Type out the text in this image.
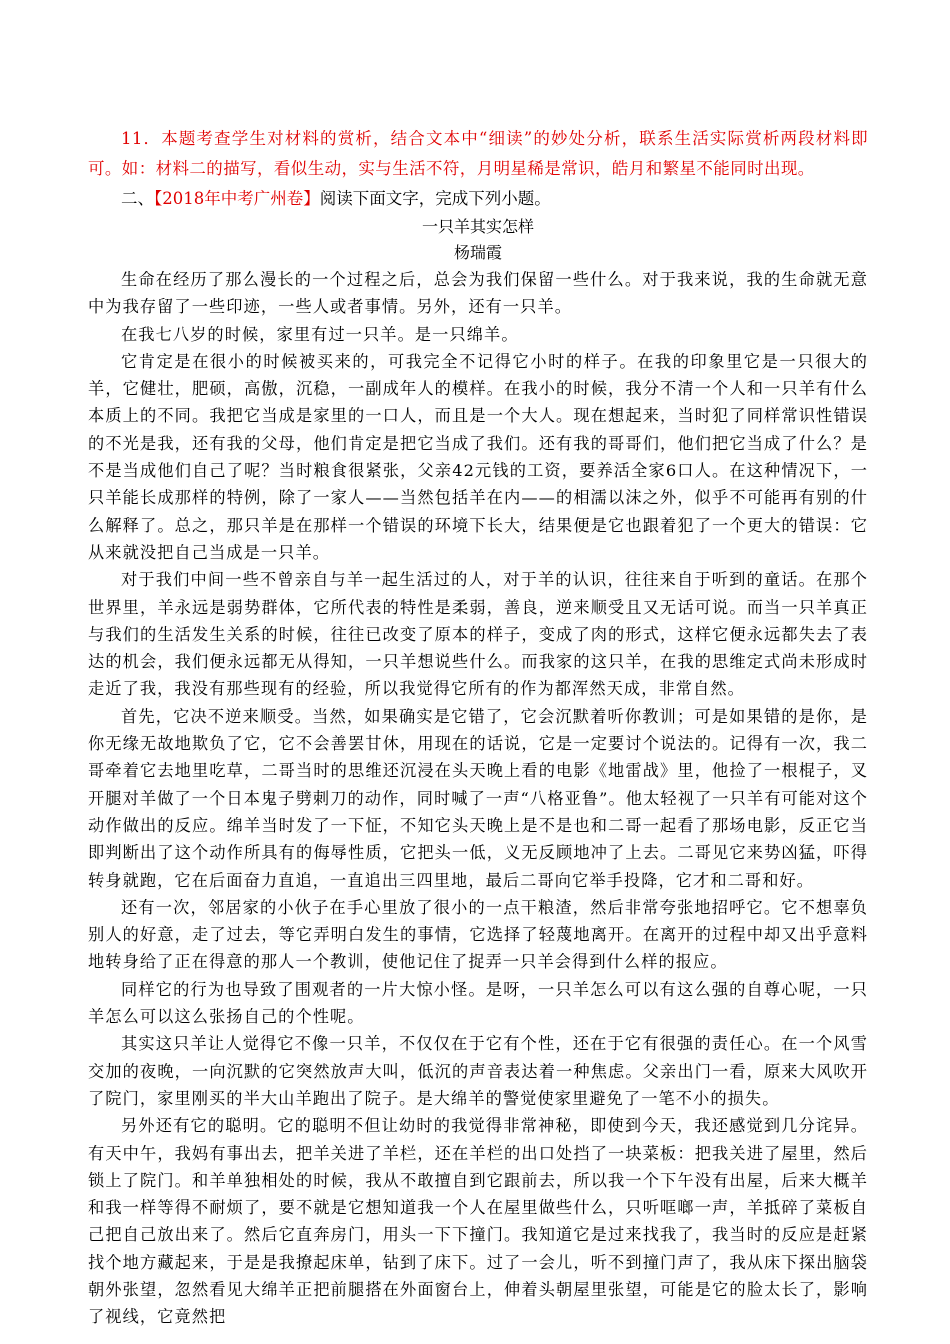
11．本题考查学生对材料的赏析，结合文本中“细读”的妙处分析，联系生活实际赏析两段材料即可。如：材料二的描写，看似生动，实与生活不符，月明星稀是常识，皓月和繁星不能同时出现。

二、【2018年中考广州卷】阅读下面文字，完成下列小题。

一只羊其实怎样

杨瑞霞

生命在经历了那么漫长的一个过程之后，总会为我们保留一些什么。对于我来说，我的生命就无意中为我存留了一些印迹，一些人或者事情。另外，还有一只羊。

在我七八岁的时候，家里有过一只羊。是一只绵羊。

它肯定是在很小的时候被买来的，可我完全不记得它小时的样子。在我的印象里它是一只很大的羊，它健壮，肥硕，高傲，沉稳，一副成年人的模样。在我小的时候，我分不清一个人和一只羊有什么本质上的不同。我把它当成是家里的一口人，而且是一个大人。现在想起来，当时犯了同样常识性错误的不光是我，还有我的父母，他们肯定是把它当成了我们。还有我的哥哥们，他们把它当成了什么？是不是当成他们自己了呢？当时粮食很紧张，父亲42元钱的工资，要养活全家6口人。在这种情况下，一只羊能长成那样的特例，除了一家人——当然包括羊在内——的相濡以沫之外，似乎不可能再有别的什么解释了。总之，那只羊是在那样一个错误的环境下长大，结果便是它也跟着犯了一个更大的错误：它从来就没把自己当成是一只羊。

对于我们中间一些不曾亲自与羊一起生活过的人，对于羊的认识，往往来自于听到的童话。在那个世界里，羊永远是弱势群体，它所代表的特性是柔弱，善良，逆来顺受且又无话可说。而当一只羊真正与我们的生活发生关系的时候，往往已改变了原本的样子，变成了肉的形式，这样它便永远都失去了表达的机会，我们便永远都无从得知，一只羊想说些什么。而我家的这只羊，在我的思维定式尚未形成时走近了我，我没有那些现有的经验，所以我觉得它所有的作为都浑然天成，非常自然。

首先，它决不逆来顺受。当然，如果确实是它错了，它会沉默着听你教训；可是如果错的是你，是你无缘无故地欺负了它，它不会善罢甘休，用现在的话说，它是一定要讨个说法的。记得有一次，我二哥牵着它去地里吃草，二哥当时的思维还沉浸在头天晚上看的电影《地雷战》里，他捡了一根棍子，叉开腿对羊做了一个日本鬼子劈刺刀的动作，同时喊了一声“八格亚鲁”。他太轻视了一只羊有可能对这个动作做出的反应。绵羊当时发了一下怔，不知它头天晚上是不是也和二哥一起看了那场电影，反正它当即判断出了这个动作所具有的侮辱性质，它把头一低，义无反顾地冲了上去。二哥见它来势凶猛，吓得转身就跑，它在后面奋力直追，一直追出三四里地，最后二哥向它举手投降，它才和二哥和好。

还有一次，邻居家的小伙子在手心里放了很小的一点干粮渣，然后非常夸张地招呼它。它不想辜负别人的好意，走了过去，等它弄明白发生的事情，它选择了轻蔑地离开。在离开的过程中却又出乎意料地转身给了正在得意的那人一个教训，使他记住了捉弄一只羊会得到什么样的报应。

同样它的行为也导致了围观者的一片大惊小怪。是呀，一只羊怎么可以有这么强的自尊心呢，一只羊怎么可以这么张扬自己的个性呢。

其实这只羊让人觉得它不像一只羊，不仅仅在于它有个性，还在于它有很强的责任心。在一个风雪交加的夜晚，一向沉默的它突然放声大叫，低沉的声音表达着一种焦虑。父亲出门一看，原来大风吹开了院门，家里刚买的半大山羊跑出了院子。是大绵羊的警觉使家里避免了一笔不小的损失。

另外还有它的聪明。它的聪明不但让幼时的我觉得非常神秘，即使到今天，我还感觉到几分诧异。有天中午，我妈有事出去，把羊关进了羊栏，还在羊栏的出口处挡了一块菜板：把我关进了屋里，然后锁上了院门。和羊单独相处的时候，我从不敢擅自到它跟前去，所以我一个下午没有出屋，后来大概羊和我一样等得不耐烦了，要不就是它想知道我一个人在屋里做些什么，只听哐啷一声，羊抵碎了菜板自己把自己放出来了。然后它直奔房门，用头一下下撞门。我知道它是过来找我了，我当时的反应是赶紧找个地方藏起来，于是是我撩起床单，钻到了床下。过了一会儿，听不到撞门声了，我从床下探出脑袋朝外张望，忽然看见大绵羊正把前腿搭在外面窗台上，伸着头朝屋里张望，可能是它的脸太长了，影响了视线，它竟然把
